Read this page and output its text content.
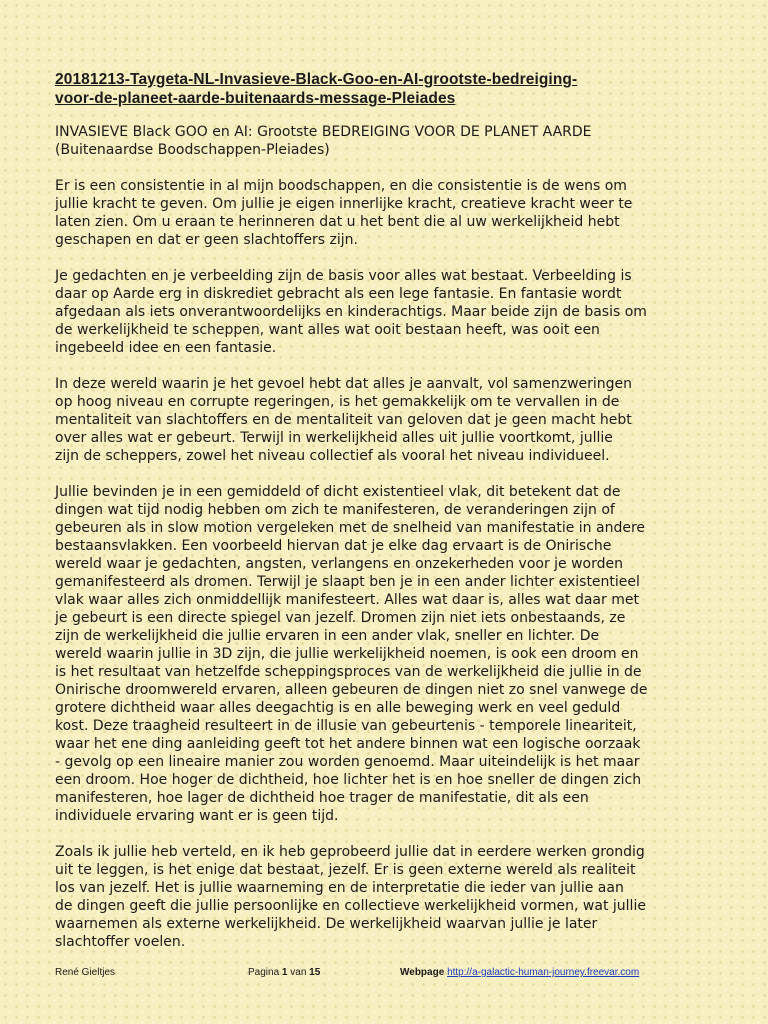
20181213-Taygeta-NL-Invasieve-Black-Goo-en-AI-grootste-bedreiging-
voor-de-planeet-aarde-buitenaards-message-Pleiades

INVASIEVE Black GOO en AI: Grootste BEDREIGING VOOR DE PLANET AARDE
(Buitenaardse Boodschappen-Pleiades)

Er is een consistentie in al mijn boodschappen, en die consistentie is de wens om
jullie kracht te geven. Om jullie je eigen innerlijke kracht, creatieve kracht weer te
laten zien. Om u eraan te herinneren dat u het bent die al uw werkelijkheid hebt
geschapen en dat er geen slachtoffers zijn.

Je gedachten en je verbeelding zijn de basis voor alles wat bestaat. Verbeelding is
daar op Aarde erg in diskrediet gebracht als een lege fantasie. En fantasie wordt
afgedaan als iets onverantwoordelijks en kinderachtigs. Maar beide zijn de basis om
de werkelijkheid te scheppen, want alles wat ooit bestaan heeft, was ooit een
ingebeeld idee en een fantasie.

In deze wereld waarin je het gevoel hebt dat alles je aanvalt, vol samenzweringen
op hoog niveau en corrupte regeringen, is het gemakkelijk om te vervallen in de
mentaliteit van slachtoffers en de mentaliteit van geloven dat je geen macht hebt
over alles wat er gebeurt. Terwijl in werkelijkheid alles uit jullie voortkomt, jullie
zijn de scheppers, zowel het niveau collectief als vooral het niveau individueel.

Jullie bevinden je in een gemiddeld of dicht existentieel vlak, dit betekent dat de
dingen wat tijd nodig hebben om zich te manifesteren, de veranderingen zijn of
gebeuren als in slow motion vergeleken met de snelheid van manifestatie in andere
bestaansvlakken. Een voorbeeld hiervan dat je elke dag ervaart is de Onirische
wereld waar je gedachten, angsten, verlangens en onzekerheden voor je worden
gemanifesteerd als dromen. Terwijl je slaapt ben je in een ander lichter existentieel
vlak waar alles zich onmiddellijk manifesteert. Alles wat daar is, alles wat daar met
je gebeurt is een directe spiegel van jezelf. Dromen zijn niet iets onbestaands, ze
zijn de werkelijkheid die jullie ervaren in een ander vlak, sneller en lichter. De
wereld waarin jullie in 3D zijn, die jullie werkelijkheid noemen, is ook een droom en
is het resultaat van hetzelfde scheppingsproces van de werkelijkheid die jullie in de
Onirische droomwereld ervaren, alleen gebeuren de dingen niet zo snel vanwege de
grotere dichtheid waar alles deegachtig is en alle beweging werk en veel geduld
kost. Deze traagheid resulteert in de illusie van gebeurtenis - temporele lineariteit,
waar het ene ding aanleiding geeft tot het andere binnen wat een logische oorzaak
- gevolg op een lineaire manier zou worden genoemd. Maar uiteindelijk is het maar
een droom. Hoe hoger de dichtheid, hoe lichter het is en hoe sneller de dingen zich
manifesteren, hoe lager de dichtheid hoe trager de manifestatie, dit als een
individuele ervaring want er is geen tijd.

Zoals ik jullie heb verteld, en ik heb geprobeerd jullie dat in eerdere werken grondig
uit te leggen, is het enige dat bestaat, jezelf. Er is geen externe wereld als realiteit
los van jezelf. Het is jullie waarneming en de interpretatie die ieder van jullie aan
de dingen geeft die jullie persoonlijke en collectieve werkelijkheid vormen, wat jullie
waarnemen als externe werkelijkheid. De werkelijkheid waarvan jullie je later
slachtoffer voelen.

René Gieltjes	Pagina 1 van 15	Webpage http://a-galactic-human-journey.freevar.com
